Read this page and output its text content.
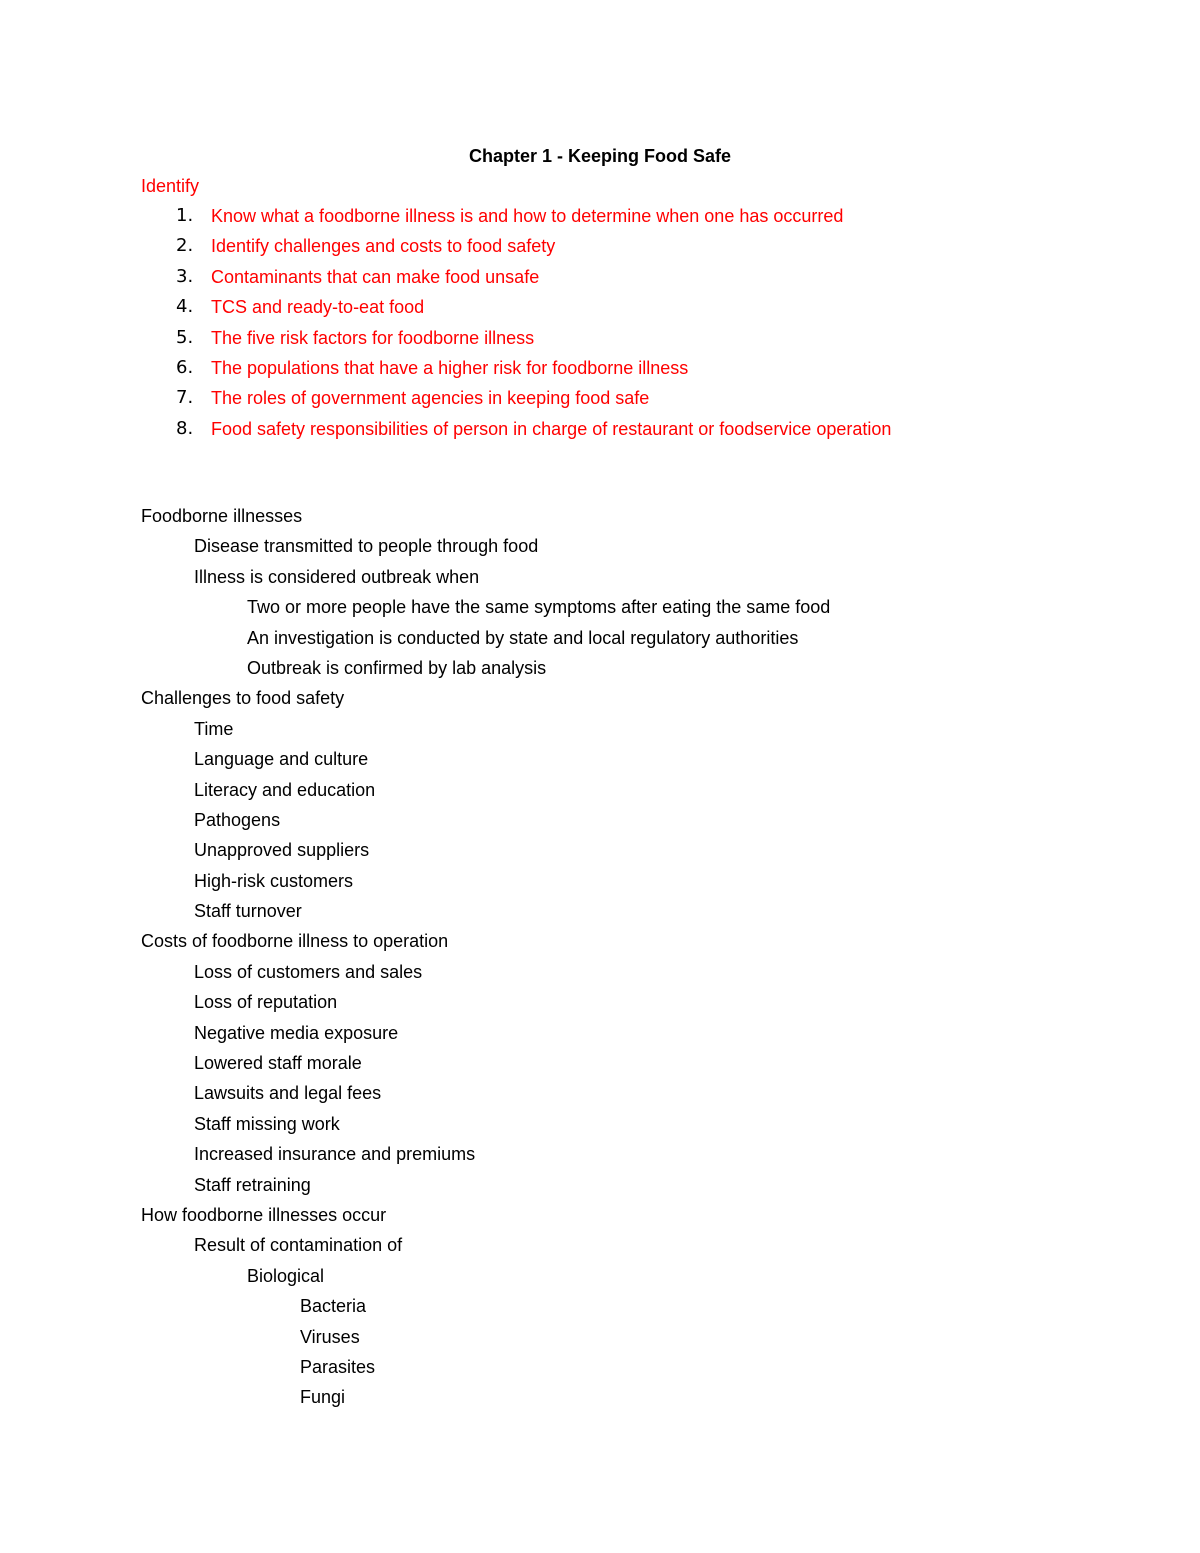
Chapter 1 - Keeping Food Safe
Identify
1. Know what a foodborne illness is and how to determine when one has occurred
2. Identify challenges and costs to food safety
3. Contaminants that can make food unsafe
4. TCS and ready-to-eat food
5. The five risk factors for foodborne illness
6. The populations that have a higher risk for foodborne illness
7. The roles of government agencies in keeping food safe
8. Food safety responsibilities of person in charge of restaurant or foodservice operation
Foodborne illnesses
Disease transmitted to people through food
Illness is considered outbreak when
Two or more people have the same symptoms after eating the same food
An investigation is conducted by state and local regulatory authorities
Outbreak is confirmed by lab analysis
Challenges to food safety
Time
Language and culture
Literacy and education
Pathogens
Unapproved suppliers
High-risk customers
Staff turnover
Costs of foodborne illness to operation
Loss of customers and sales
Loss of reputation
Negative media exposure
Lowered staff morale
Lawsuits and legal fees
Staff missing work
Increased insurance and premiums
Staff retraining
How foodborne illnesses occur
Result of contamination of
Biological
Bacteria
Viruses
Parasites
Fungi
